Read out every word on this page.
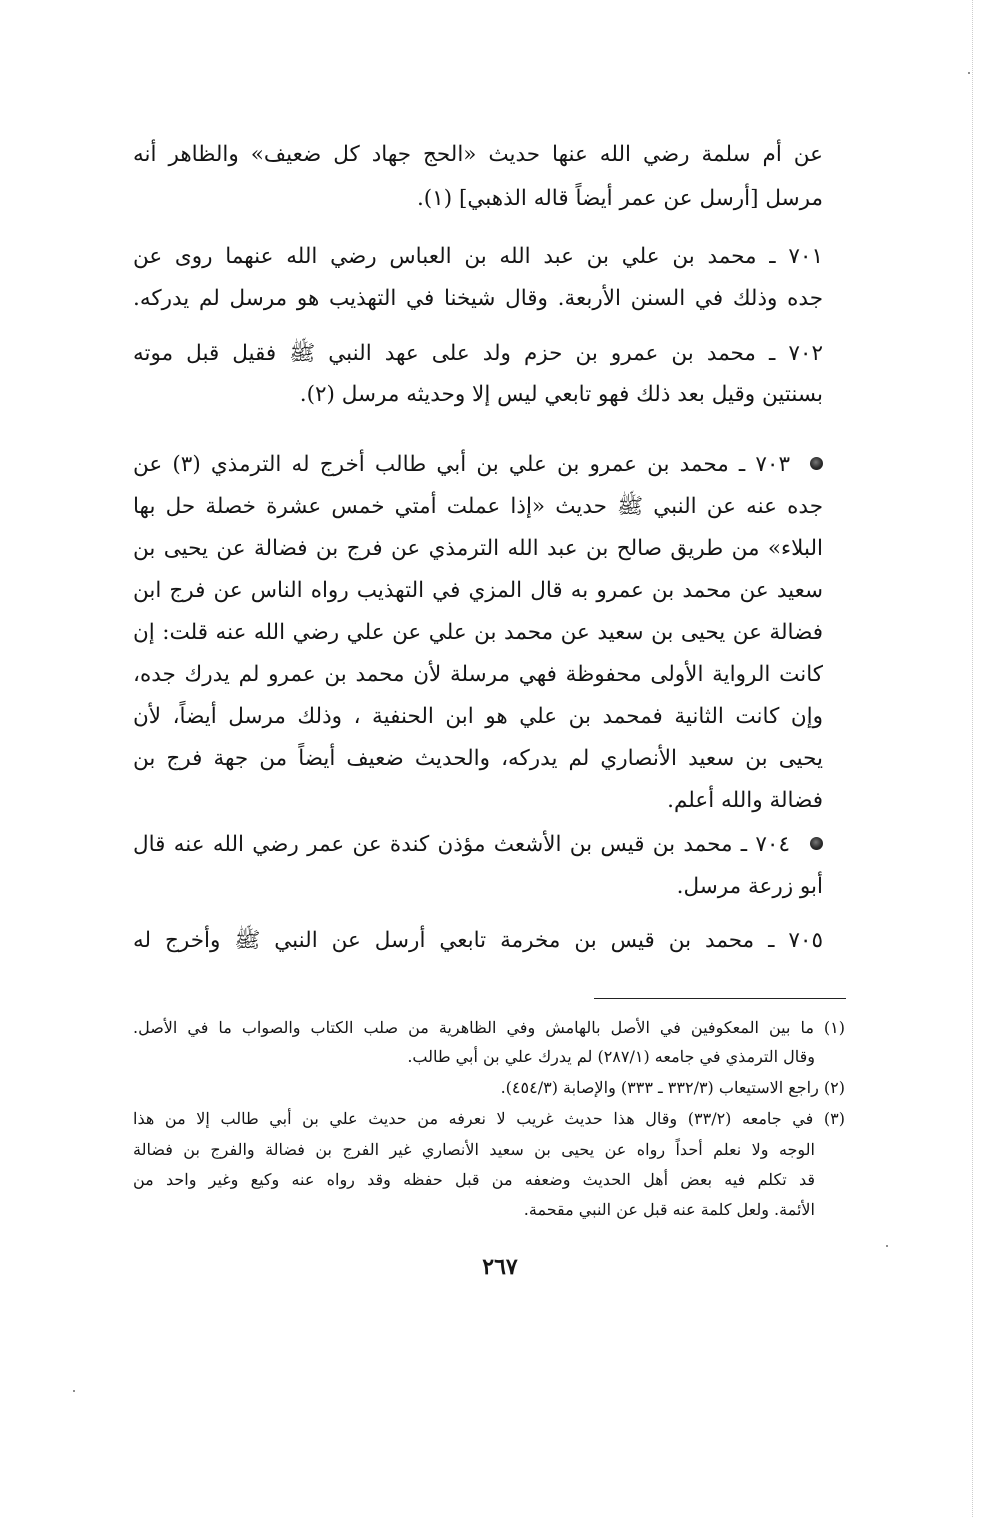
عن أم سلمة رضي الله عنها حديث «الحج جهاد كل ضعيف» والظاهر أنه
مرسل [أرسل عن عمر أيضاً قاله الذهبي] (١).
٧٠١ ـ محمد بن علي بن عبد الله بن العباس رضي الله عنهما روى عن
جده وذلك في السنن الأربعة. وقال شيخنا في التهذيب هو مرسل لم يدركه.
٧٠٢ ـ محمد بن عمرو بن حزم ولد على عهد النبي ﷺ فقيل قبل موته
بسنتين وقيل بعد ذلك فهو تابعي ليس إلا وحديثه مرسل (٢).
٧٠٣ ـ محمد بن عمرو بن علي بن أبي طالب أخرج له الترمذي (٣) عن
جده عنه عن النبي ﷺ حديث «إذا عملت أمتي خمس عشرة خصلة حل بها
البلاء» من طريق صالح بن عبد الله الترمذي عن فرج بن فضالة عن يحيى بن
سعيد عن محمد بن عمرو به قال المزي في التهذيب رواه الناس عن فرج ابن
فضالة عن يحيى بن سعيد عن محمد بن علي عن علي رضي الله عنه قلت: إن
كانت الرواية الأولى محفوظة فهي مرسلة لأن محمد بن عمرو لم يدرك جده،
وإن كانت الثانية فمحمد بن علي هو ابن الحنفية ، وذلك مرسل أيضاً، لأن
يحيى بن سعيد الأنصاري لم يدركه، والحديث ضعيف أيضاً من جهة فرج بن
فضالة والله أعلم.
٧٠٤ ـ محمد بن قيس بن الأشعث مؤذن كندة عن عمر رضي الله عنه قال
أبو زرعة مرسل.
٧٠٥ ـ محمد بن قيس بن مخرمة تابعي أرسل عن النبي ﷺ وأخرج له
(١) ما بين المعكوفين في الأصل بالهامش وفي الظاهرية من صلب الكتاب والصواب ما في الأصل.
وقال الترمذي في جامعه (٢٨٧/١) لم يدرك علي بن أبي طالب.
(٢) راجع الاستيعاب (٣٣٢/٣ ـ ٣٣٣) والإصابة (٤٥٤/٣).
(٣) في جامعه (٣٣/٢) وقال هذا حديث غريب لا نعرفه من حديث علي بن أبي طالب إلا من هذا
الوجه ولا نعلم أحداً رواه عن يحيى بن سعيد الأنصاري غير الفرج بن فضالة والفرج بن فضالة
قد تكلم فيه بعض أهل الحديث وضعفه من قبل حفظه وقد رواه عنه وكيع وغير واحد من
الأئمة. ولعل كلمة عنه قبل عن النبي مقحمة.
٢٦٧
